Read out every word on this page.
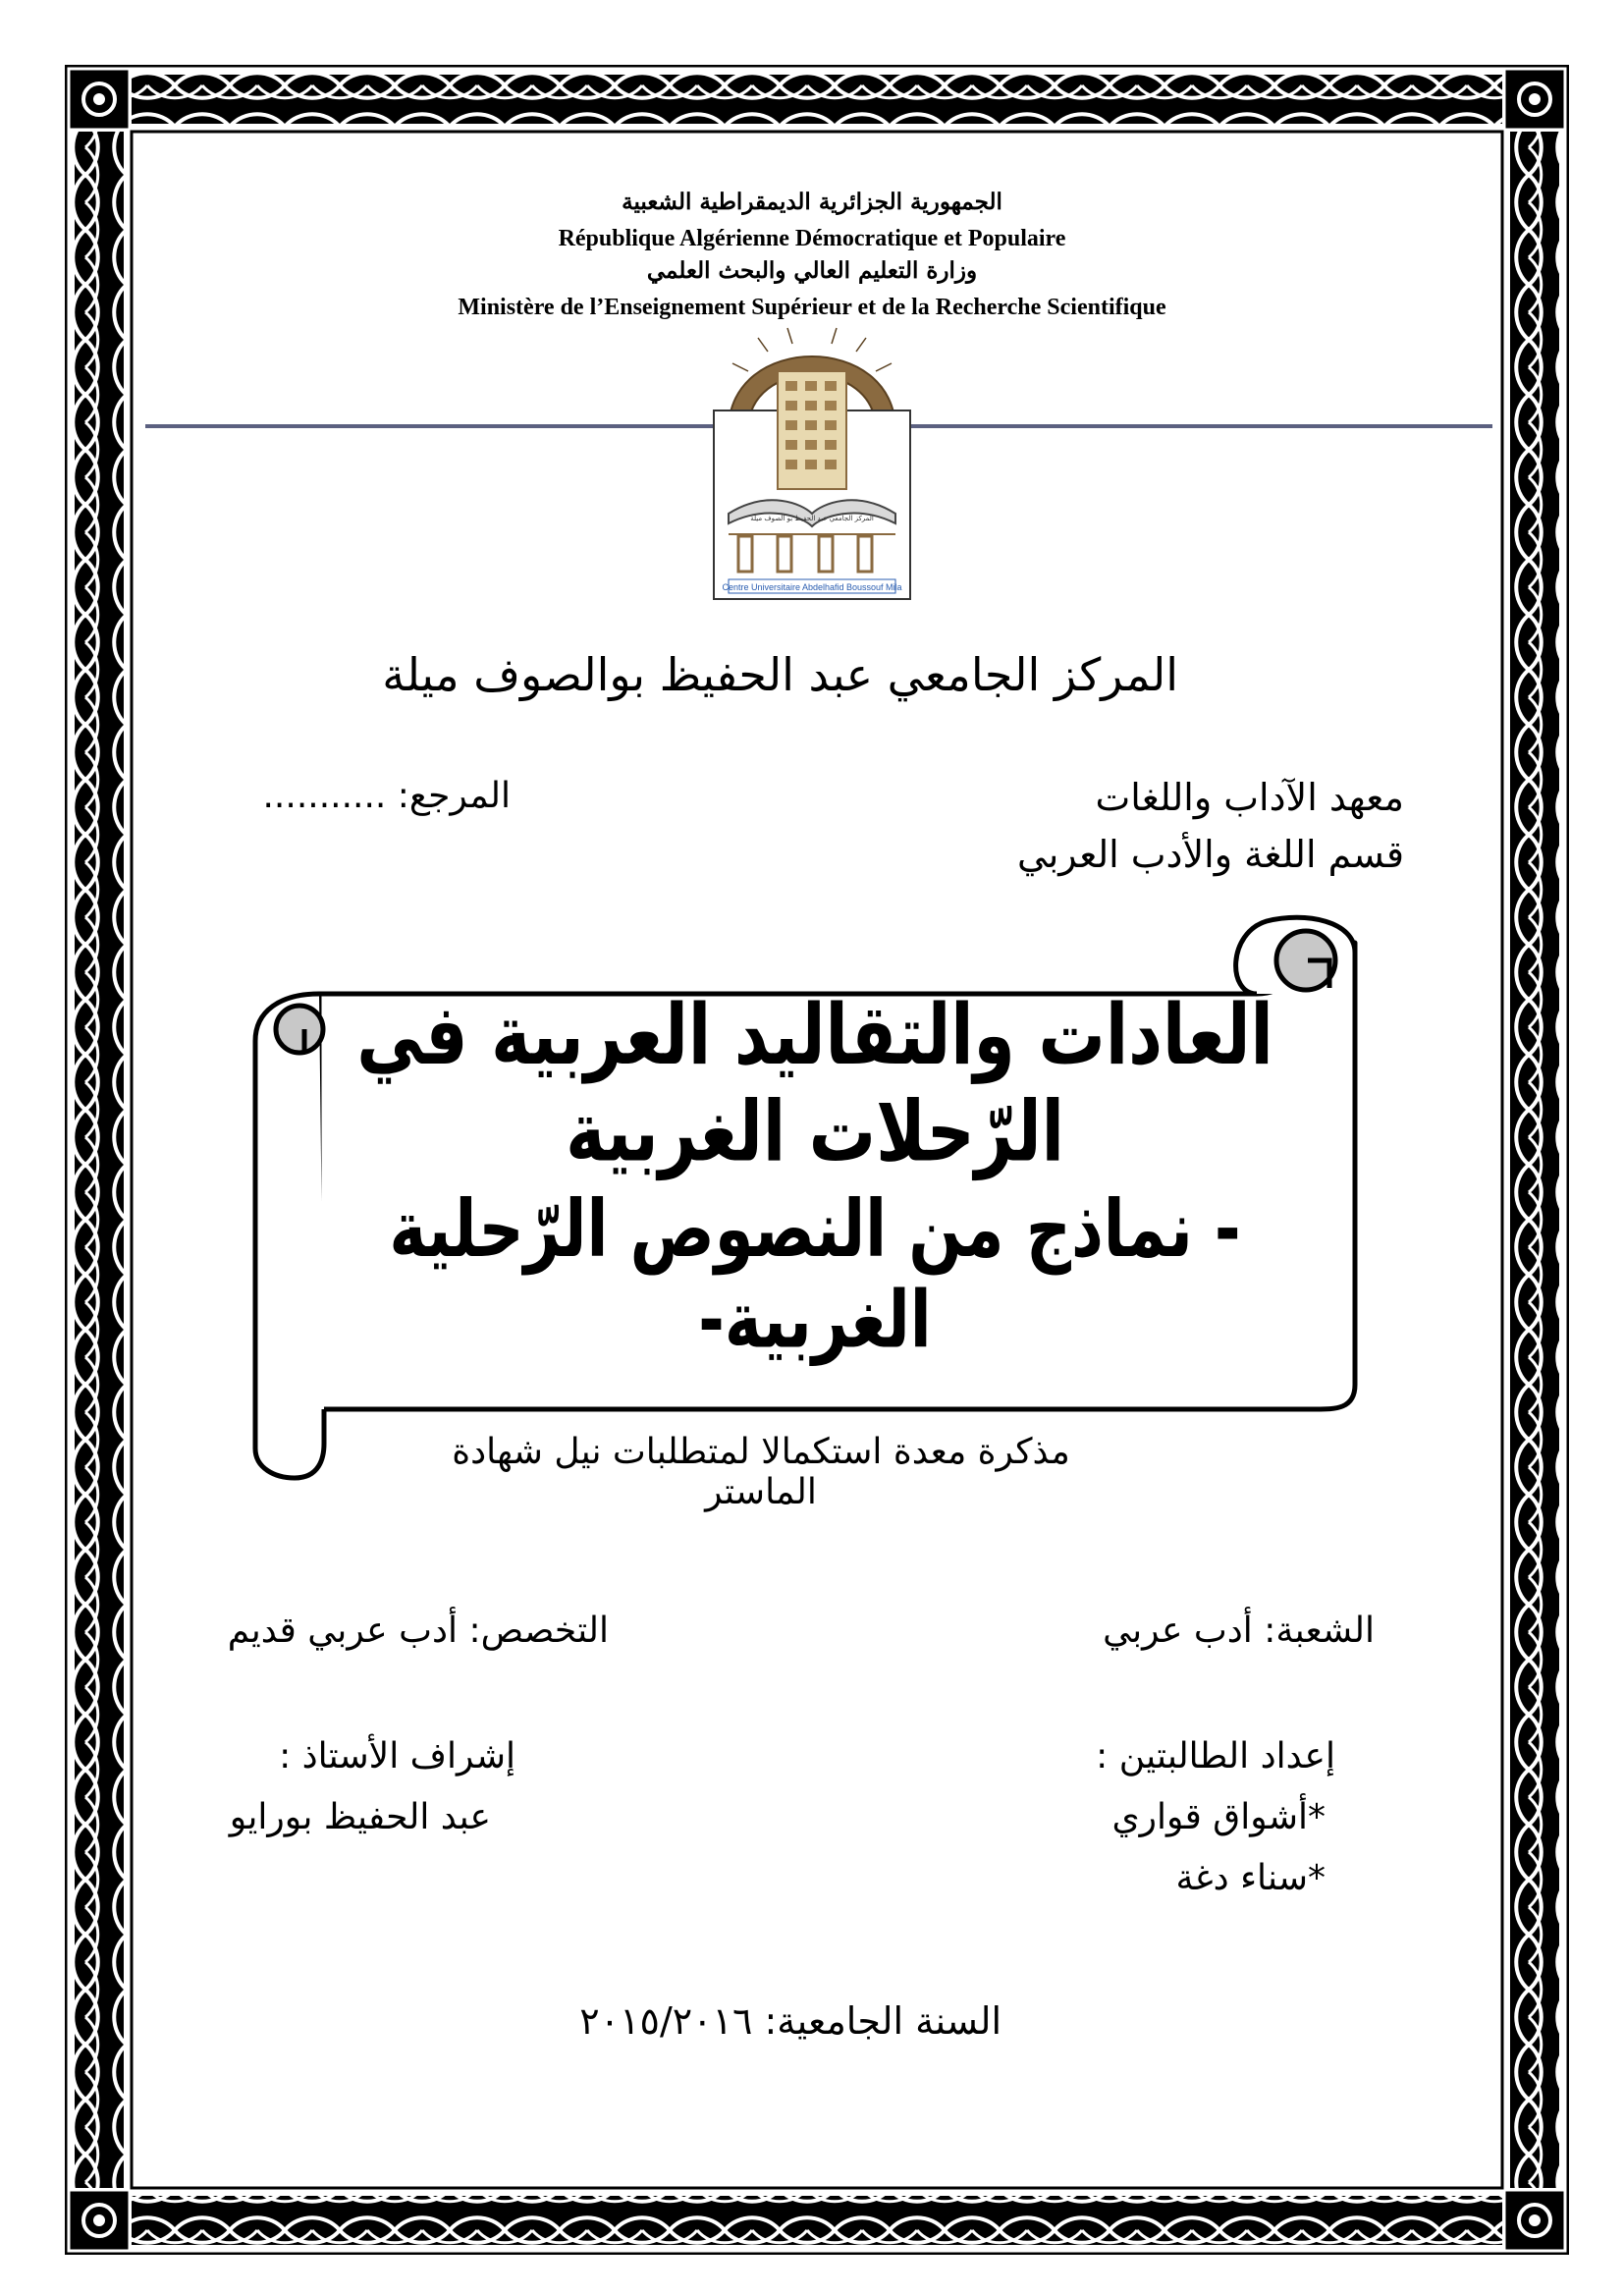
الجمهورية الجزائرية الديمقراطية الشعبية
République Algérienne Démocratique et Populaire
وزارة التعليم العالي والبحث العلمي
Ministère de l’Enseignement Supérieur et de la Recherche Scientifique
المركز الجامعي عبد الحفيظ بو الصوف ميلة
Centre Universitaire Abdelhafid Boussouf Mila
المركز الجامعي عبد الحفيظ بوالصوف ميلة
معهد الآداب واللغات
قسم اللغة والأدب العربي
المرجع: ...........
العادات والتقاليد العربية في الرّحلات الغربية
- نماذج من النصوص الرّحلية الغربية-
مذكرة معدة استكمالا لمتطلبات نيل شهادة الماستر
الشعبة: أدب عربي
التخصص: أدب عربي قديم
إعداد الطالبتين :
*أشواق قواري
*سناء دغة
إشراف الأستاذ :
عبد الحفيظ بورايو
السنة الجامعية: ٢٠١٥/٢٠١٦
